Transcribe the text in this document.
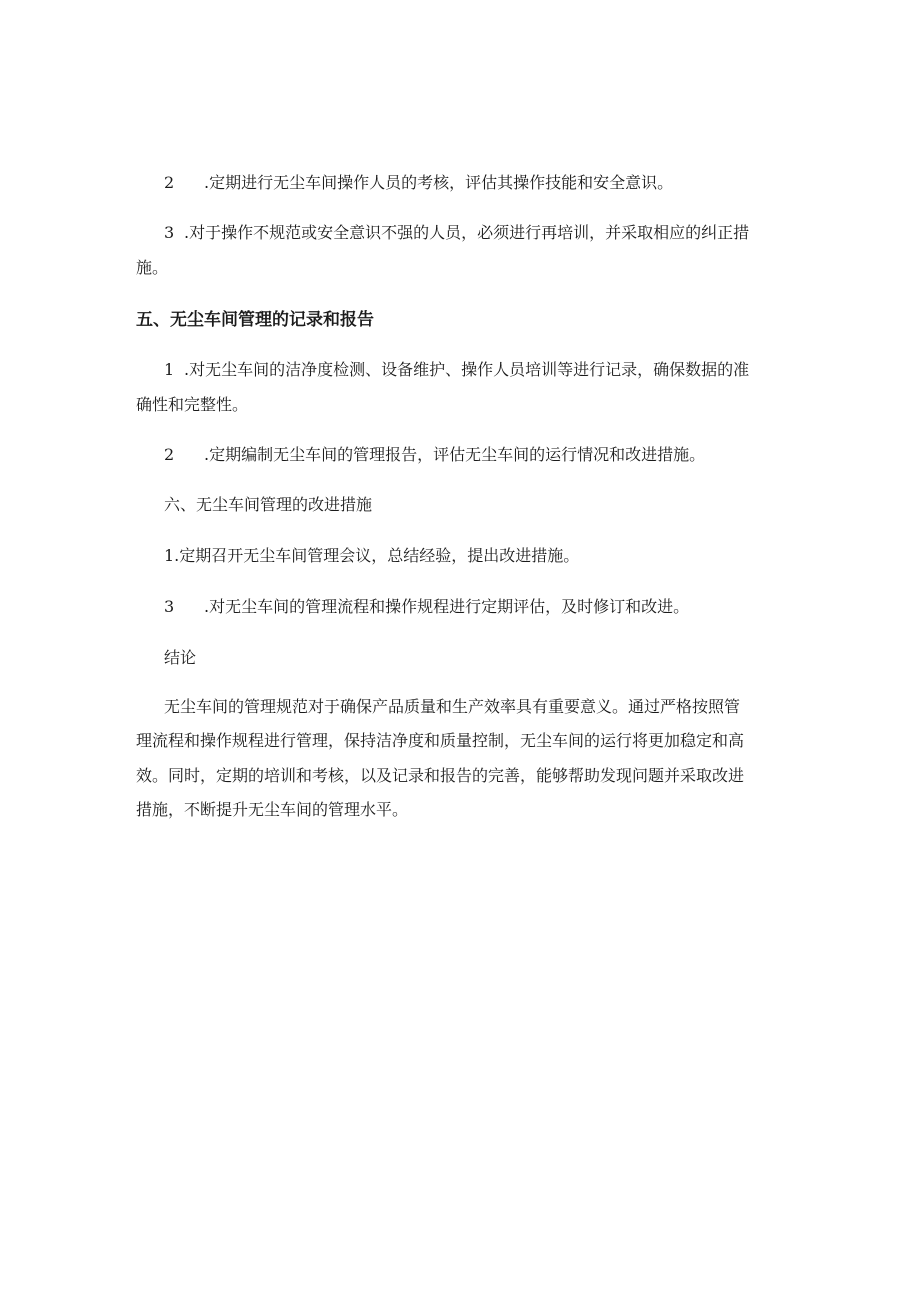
2 .定期进行无尘车间操作人员的考核，评估其操作技能和安全意识。
3 .对于操作不规范或安全意识不强的人员，必须进行再培训，并采取相应的纠正措
施。
五、无尘车间管理的记录和报告
1 .对无尘车间的洁净度检测、设备维护、操作人员培训等进行记录，确保数据的准
确性和完整性。
2 .定期编制无尘车间的管理报告，评估无尘车间的运行情况和改进措施。
六、无尘车间管理的改进措施
1.定期召开无尘车间管理会议，总结经验，提出改进措施。
3 .对无尘车间的管理流程和操作规程进行定期评估，及时修订和改进。
结论
无尘车间的管理规范对于确保产品质量和生产效率具有重要意义。通过严格按照管
理流程和操作规程进行管理，保持洁净度和质量控制，无尘车间的运行将更加稳定和高
效。同时，定期的培训和考核，以及记录和报告的完善，能够帮助发现问题并采取改进
措施，不断提升无尘车间的管理水平。
